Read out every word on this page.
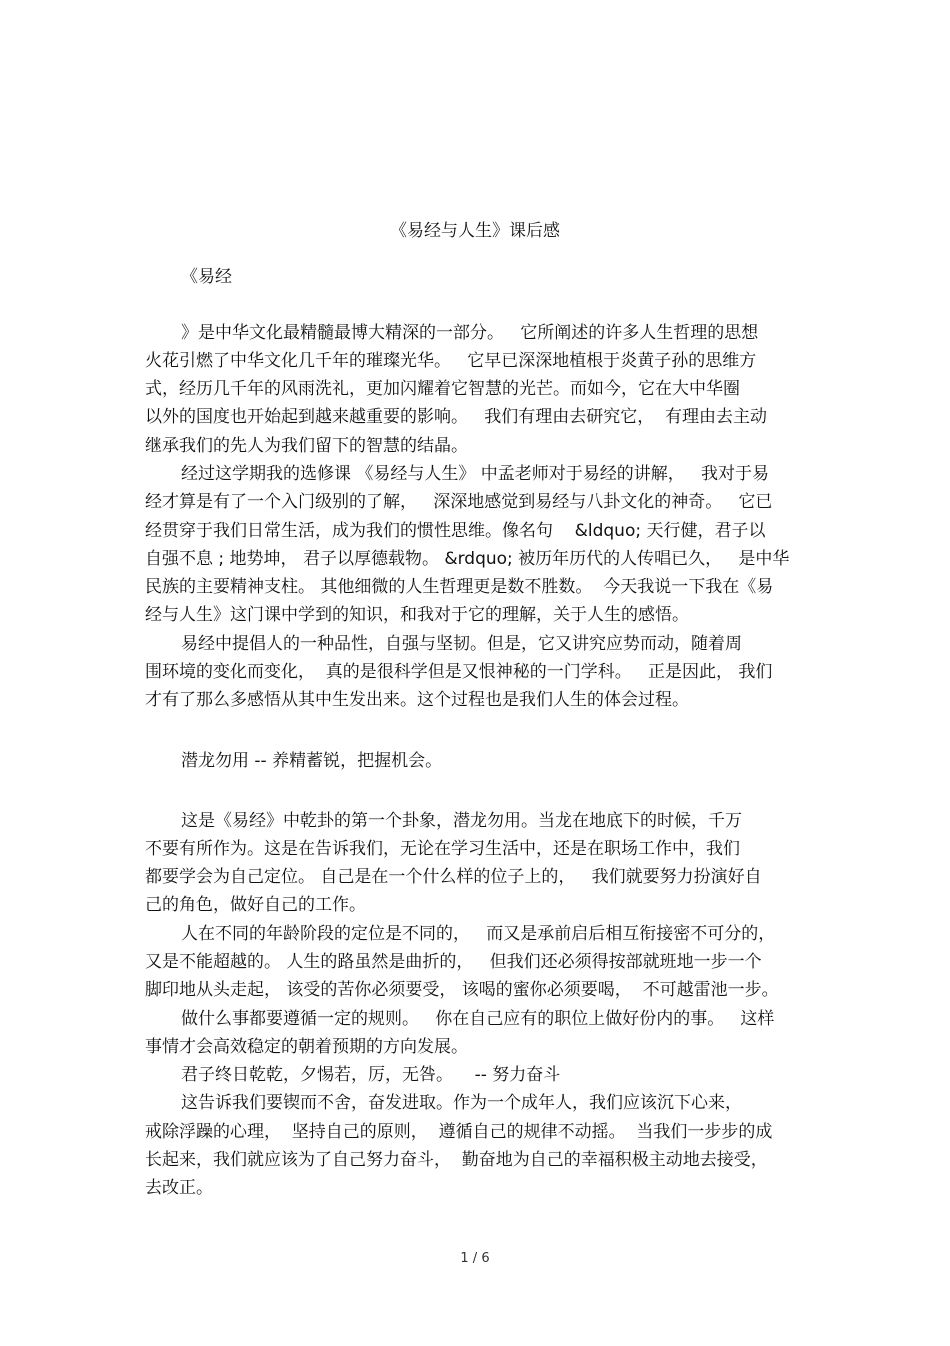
《易经与人生》课后感
《易经
》是中华文化最精髓最博大精深的一部分。   它所阐述的许多人生哲理的思想
火花引燃了中华文化几千年的璀璨光华。   它早已深深地植根于炎黄子孙的思维方
式，经历几千年的风雨洗礼，更加闪耀着它智慧的光芒。而如今，它在大中华圈
以外的国度也开始起到越来越重要的影响。   我们有理由去研究它，  有理由去主动
继承我们的先人为我们留下的智慧的结晶。
经过这学期我的选修课 《易经与人生》 中孟老师对于易经的讲解，   我对于易
经才算是有了一个入门级别的了解，   深深地感觉到易经与八卦文化的神奇。   它已
经贯穿于我们日常生活，成为我们的惯性思维。像名句    &ldquo; 天行健，君子以
自强不息 ; 地势坤， 君子以厚德载物。 &rdquo; 被历年历代的人传唱已久，   是中华
民族的主要精神支柱。 其他细微的人生哲理更是数不胜数。  今天我说一下我在《易
经与人生》这门课中学到的知识，和我对于它的理解，关于人生的感悟。
易经中提倡人的一种品性，自强与坚韧。但是，它又讲究应势而动，随着周
围环境的变化而变化，  真的是很科学但是又恨神秘的一门学科。   正是因此， 我们
才有了那么多感悟从其中生发出来。这个过程也是我们人生的体会过程。
潜龙勿用 -- 养精蓄锐，把握机会。
这是《易经》中乾卦的第一个卦象，潜龙勿用。当龙在地底下的时候，千万
不要有所作为。这是在告诉我们，无论在学习生活中，还是在职场工作中，我们
都要学会为自己定位。 自己是在一个什么样的位子上的，   我们就要努力扮演好自
己的角色，做好自己的工作。
人在不同的年龄阶段的定位是不同的，   而又是承前启后相互衔接密不可分的，
又是不能超越的。 人生的路虽然是曲折的，   但我们还必须得按部就班地一步一个
脚印地从头走起， 该受的苦你必须要受， 该喝的蜜你必须要喝，  不可越雷池一步。
做什么事都要遵循一定的规则。   你在自己应有的职位上做好份内的事。   这样
事情才会高效稳定的朝着预期的方向发展。
君子终日乾乾，夕惕若，厉，无咎。    -- 努力奋斗
这告诉我们要锲而不舍，奋发进取。作为一个成年人，我们应该沉下心来，
戒除浮躁的心理，  坚持自己的原则，  遵循自己的规律不动摇。  当我们一步步的成
长起来，我们就应该为了自己努力奋斗，  勤奋地为自己的幸福积极主动地去接受，
去改正。
1 / 6
